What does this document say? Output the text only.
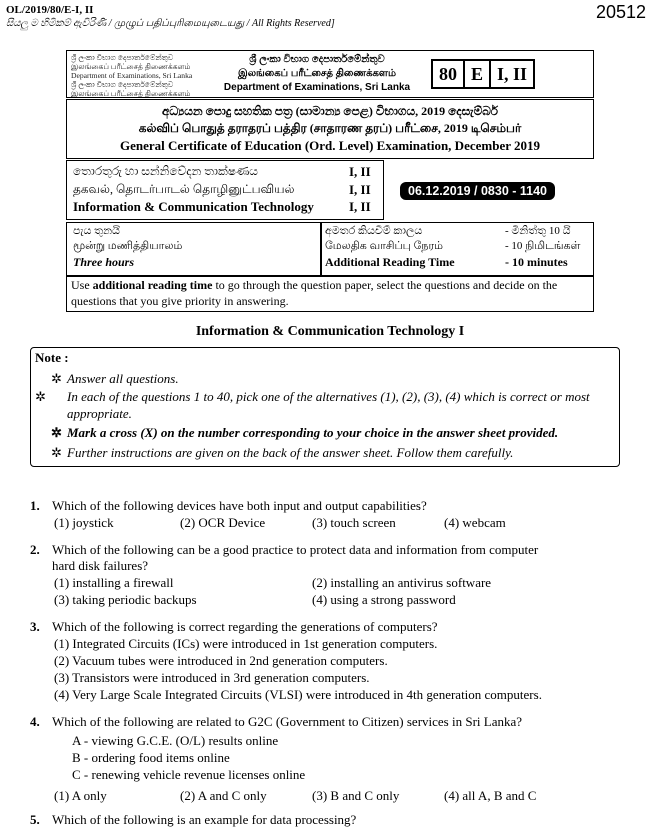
OL/2019/80/E-I, II
සියලු ම හිමිකම් ඇවිරිණි / முழுப் பதிப்புரிமையுடையது / All Rights Reserved]
20512
ශ්‍රී ලංකා විභාග දෙපාර්තමේන්තුව
இலங்கைப் பரீட்சைத் திணைக்களம்
Department of Examinations, Sri Lanka
ශ්‍රී ලංකා විභාග දෙපාර්තමේන්තුව
இலங்கைப் பரீட்சைத் திணைக்களம்
ශ්‍රී ලංකා විභාග දෙපාර්තමේන්තුව
இலங்கைப் பரீட்சைத் திணைக்களம்
Department of Examinations, Sri Lanka
80 E I, II
අධ්‍යයන පොදු සහතික පත්‍ර (සාමාන්‍ය පෙළ) විභාගය, 2019 දෙසැම්බර්
கல்விப் பொதுத் தராதரப் பத்திர (சாதாரண தரப்) பரீட்சை, 2019 டிசெம்பர்
General Certificate of Education (Ord. Level) Examination, December 2019
තොරතුරු හා සන්නිවේදන තාක්ෂණය	I, II
தகவல், தொடர்பாடல் தொழினுட்பவியல்	I, II
Information & Communication Technology	I, II
06.12.2019 / 0830 - 1140
පැය තුනයි
மூன்று மணித்தியாலம்
Three hours
අමතර කියවීම් කාලය	- මිනිත්තු 10 යි
மேலதிக வாசிப்பு நேரம்	- 10 நிமிடங்கள்
Additional Reading Time	- 10 minutes
Use additional reading time to go through the question paper, select the questions and decide on the questions that you give priority in answering.
Information & Communication Technology I
Note :
✲ Answer all questions.
✲ In each of the questions 1 to 40, pick one of the alternatives (1), (2), (3), (4) which is correct or most appropriate.
✲ Mark a cross (X) on the number corresponding to your choice in the answer sheet provided.
✲ Further instructions are given on the back of the answer sheet. Follow them carefully.
1. Which of the following devices have both input and output capabilities?
(1) joystick	(2) OCR Device	(3) touch screen	(4) webcam
2. Which of the following can be a good practice to protect data and information from computer
hard disk failures?
(1) installing a firewall	(2) installing an antivirus software
(3) taking periodic backups	(4) using a strong password
3. Which of the following is correct regarding the generations of computers?
(1) Integrated Circuits (ICs) were introduced in 1st generation computers.
(2) Vacuum tubes were introduced in 2nd generation computers.
(3) Transistors were introduced in 3rd generation computers.
(4) Very Large Scale Integrated Circuits (VLSI) were introduced in 4th generation computers.
4. Which of the following are related to G2C (Government to Citizen) services in Sri Lanka?
A - viewing G.C.E. (O/L) results online
B - ordering food items online
C - renewing vehicle revenue licenses online
(1) A only	(2) A and C only	(3) B and C only	(4) all A, B and C
5. Which of the following is an example for data processing?
